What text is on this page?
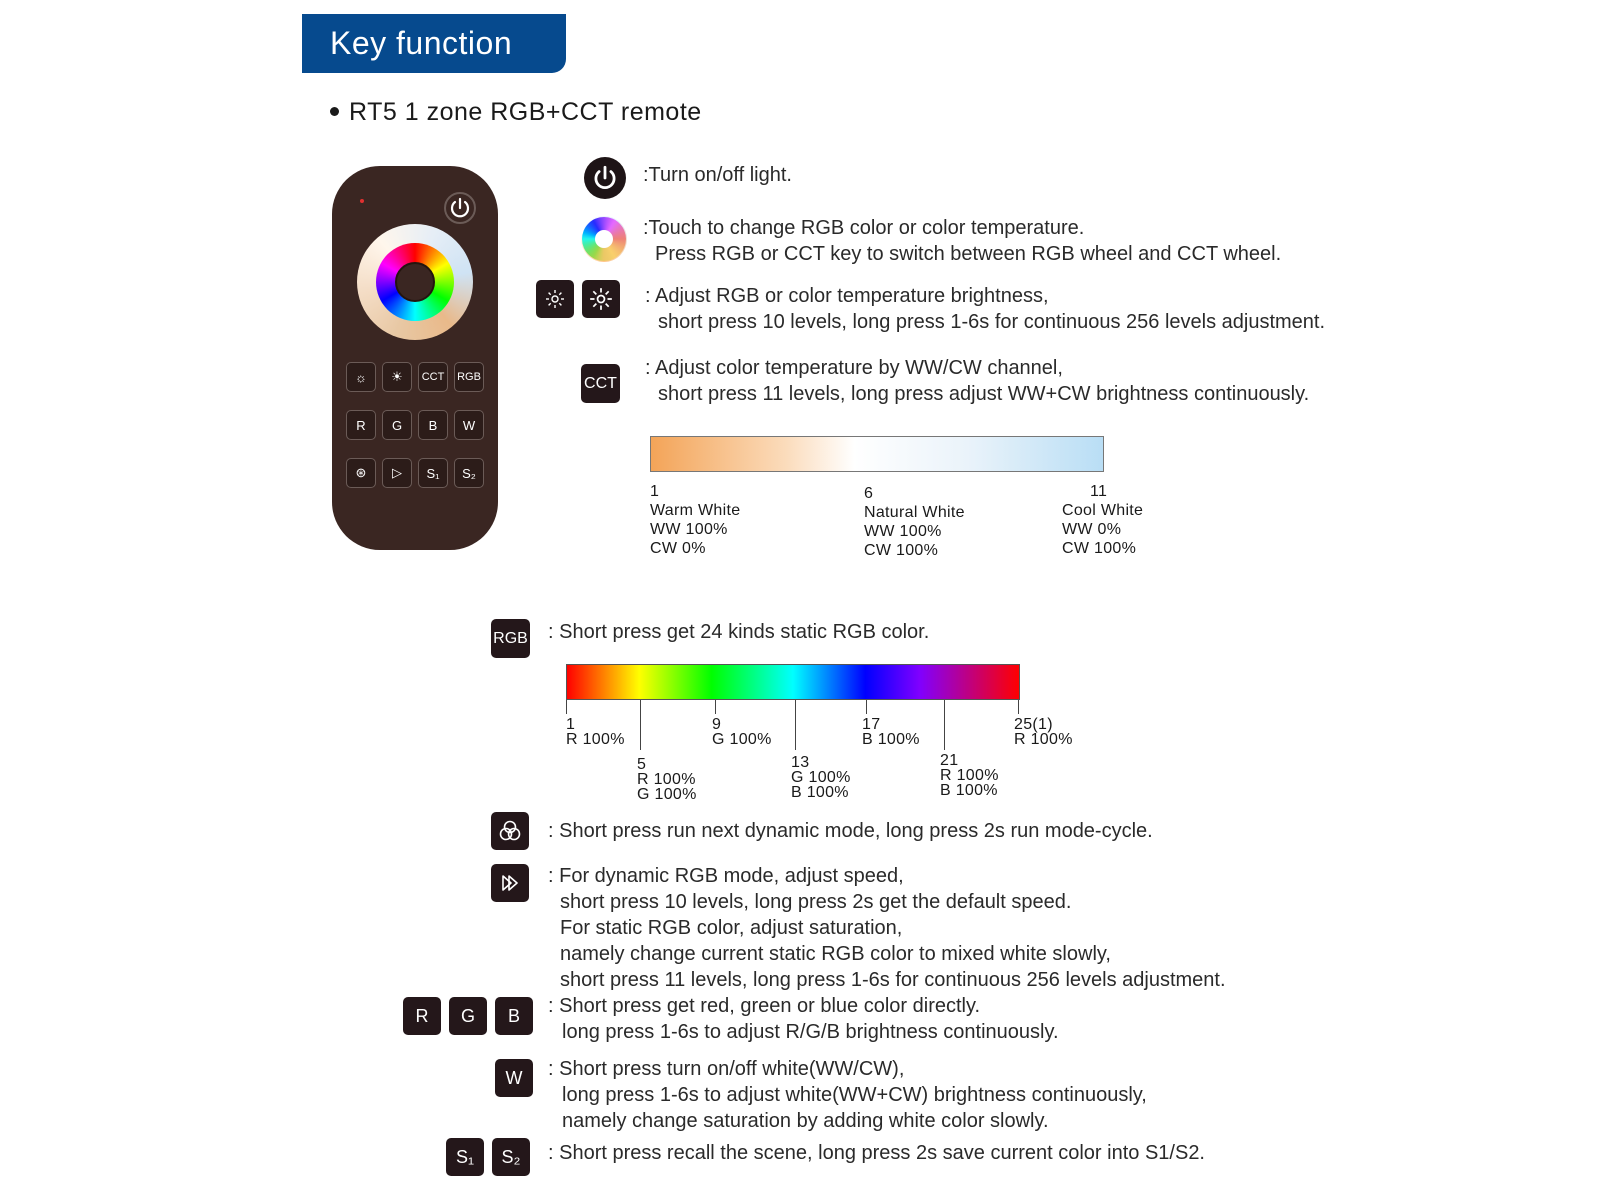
Key function
RT5 1 zone RGB+CCT remote
☼	☀	CCT	RGB
R	G	B	W
⊛	▷	S₁	S₂
:Turn on/off light.
:Touch to change RGB color or color temperature.
Press RGB or CCT key to switch between RGB wheel and CCT wheel.
: Adjust RGB or color temperature brightness,
short press 10 levels, long press 1-6s for continuous 256 levels adjustment.
CCT
: Adjust color temperature by WW/CW channel,
short press 11 levels, long press adjust WW+CW brightness continuously.
1
Warm White
WW 100%
CW 0%
6
Natural White
WW 100%
CW 100%
11
Cool White
WW 0%
CW 100%
RGB : Short press get 24 kinds static RGB color.
1
R 100%
9
G 100%
17
B 100%
25(1)
R 100%
5
R 100%
G 100%
13
G 100%
B 100%
21
R 100%
B 100%
: Short press run next dynamic mode, long press 2s run mode-cycle.
: For dynamic RGB mode, adjust speed,
short press 10 levels, long press 2s get the default speed.
For static RGB color, adjust saturation,
namely change current static RGB color to mixed white slowly,
short press 11 levels, long press 1-6s for continuous 256 levels adjustment.
R	G	B	: Short press get red, green or blue color directly.
long press 1-6s to adjust R/G/B brightness continuously.
W	: Short press turn on/off white(WW/CW),
long press 1-6s to adjust white(WW+CW) brightness continuously,
namely change saturation by adding white color slowly.
S₁	S₂	: Short press recall the scene, long press 2s save current color into S1/S2.
